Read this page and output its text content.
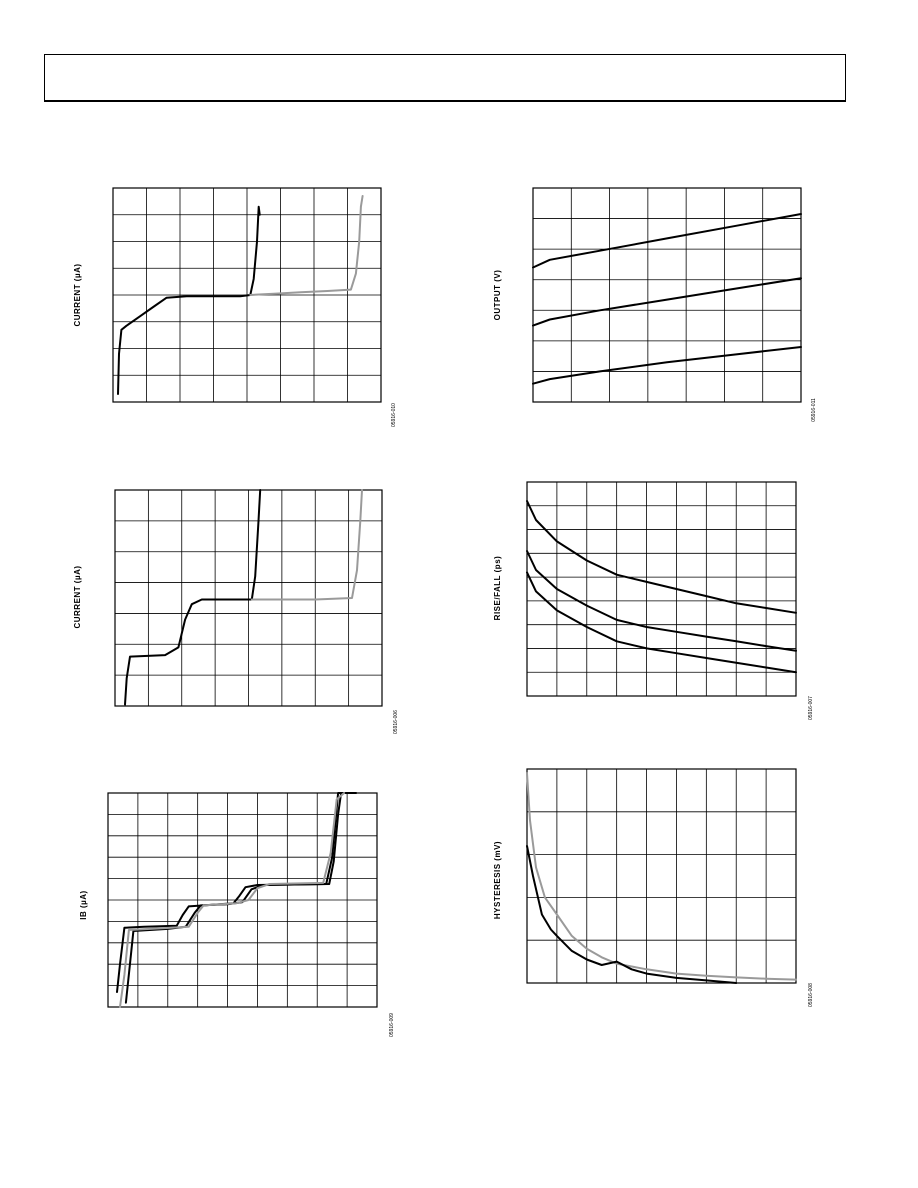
CURRENT (µA)
05916-010
OUTPUT (V)
05916-011
CURRENT (µA)
05916-006
RISE/FALL (ps)
05916-007
IB (µA)
05916-009
HYSTERESIS (mV)
05916-008
